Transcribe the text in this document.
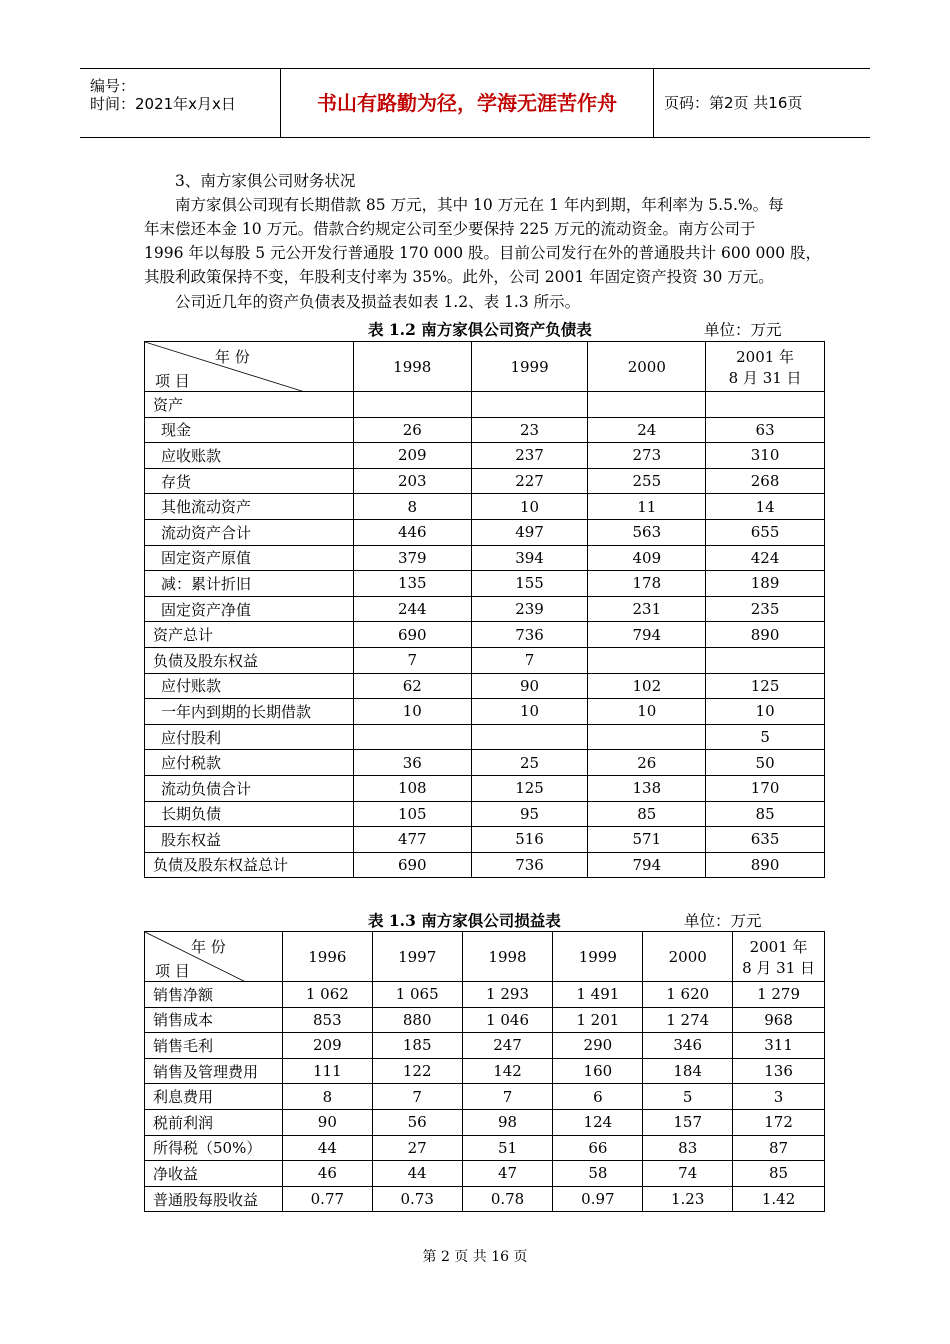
编号：
时间：2021年x月x日	书山有路勤为径，学海无涯苦作舟	页码：第2页 共16页
3、南方家俱公司财务状况
南方家俱公司现有长期借款 85 万元，其中 10 万元在 1 年内到期，年利率为 5.5.%。每
年末偿还本金 10 万元。借款合约规定公司至少要保持 225 万元的流动资金。南方公司于
1996 年以每股 5 元公开发行普通股 170 000 股。目前公司发行在外的普通股共计 600 000 股，
其股利政策保持不变，年股利支付率为 35%。此外，公司 2001 年固定资产投资 30 万元。
公司近几年的资产负债表及损益表如表 1.2、表 1.3 所示。
表 1.2 南方家俱公司资产负债表	单位：万元
年 份
项 目	1998	1999	2000	2001 年
8 月 31 日
资产				
现金	26	23	24	63
应收账款	209	237	273	310
存货	203	227	255	268
其他流动资产	8	10	11	14
流动资产合计	446	497	563	655
固定资产原值	379	394	409	424
减：累计折旧	135	155	178	189
固定资产净值	244	239	231	235
资产总计	690	736	794	890
负债及股东权益	7	7		
应付账款	62	90	102	125
一年内到期的长期借款	10	10	10	10
应付股利				5
应付税款	36	25	26	50
流动负债合计	108	125	138	170
长期负债	105	95	85	85
股东权益	477	516	571	635
负债及股东权益总计	690	736	794	890
表 1.3 南方家俱公司损益表	单位：万元
年 份
项 目	1996	1997	1998	1999	2000	2001 年
8 月 31 日
销售净额	1 062	1 065	1 293	1 491	1 620	1 279
销售成本	853	880	1 046	1 201	1 274	968
销售毛利	209	185	247	290	346	311
销售及管理费用	111	122	142	160	184	136
利息费用	8	7	7	6	5	3
税前利润	90	56	98	124	157	172
所得税（50%）	44	27	51	66	83	87
净收益	46	44	47	58	74	85
普通股每股收益	0.77	0.73	0.78	0.97	1.23	1.42
第 2 页 共 16 页
